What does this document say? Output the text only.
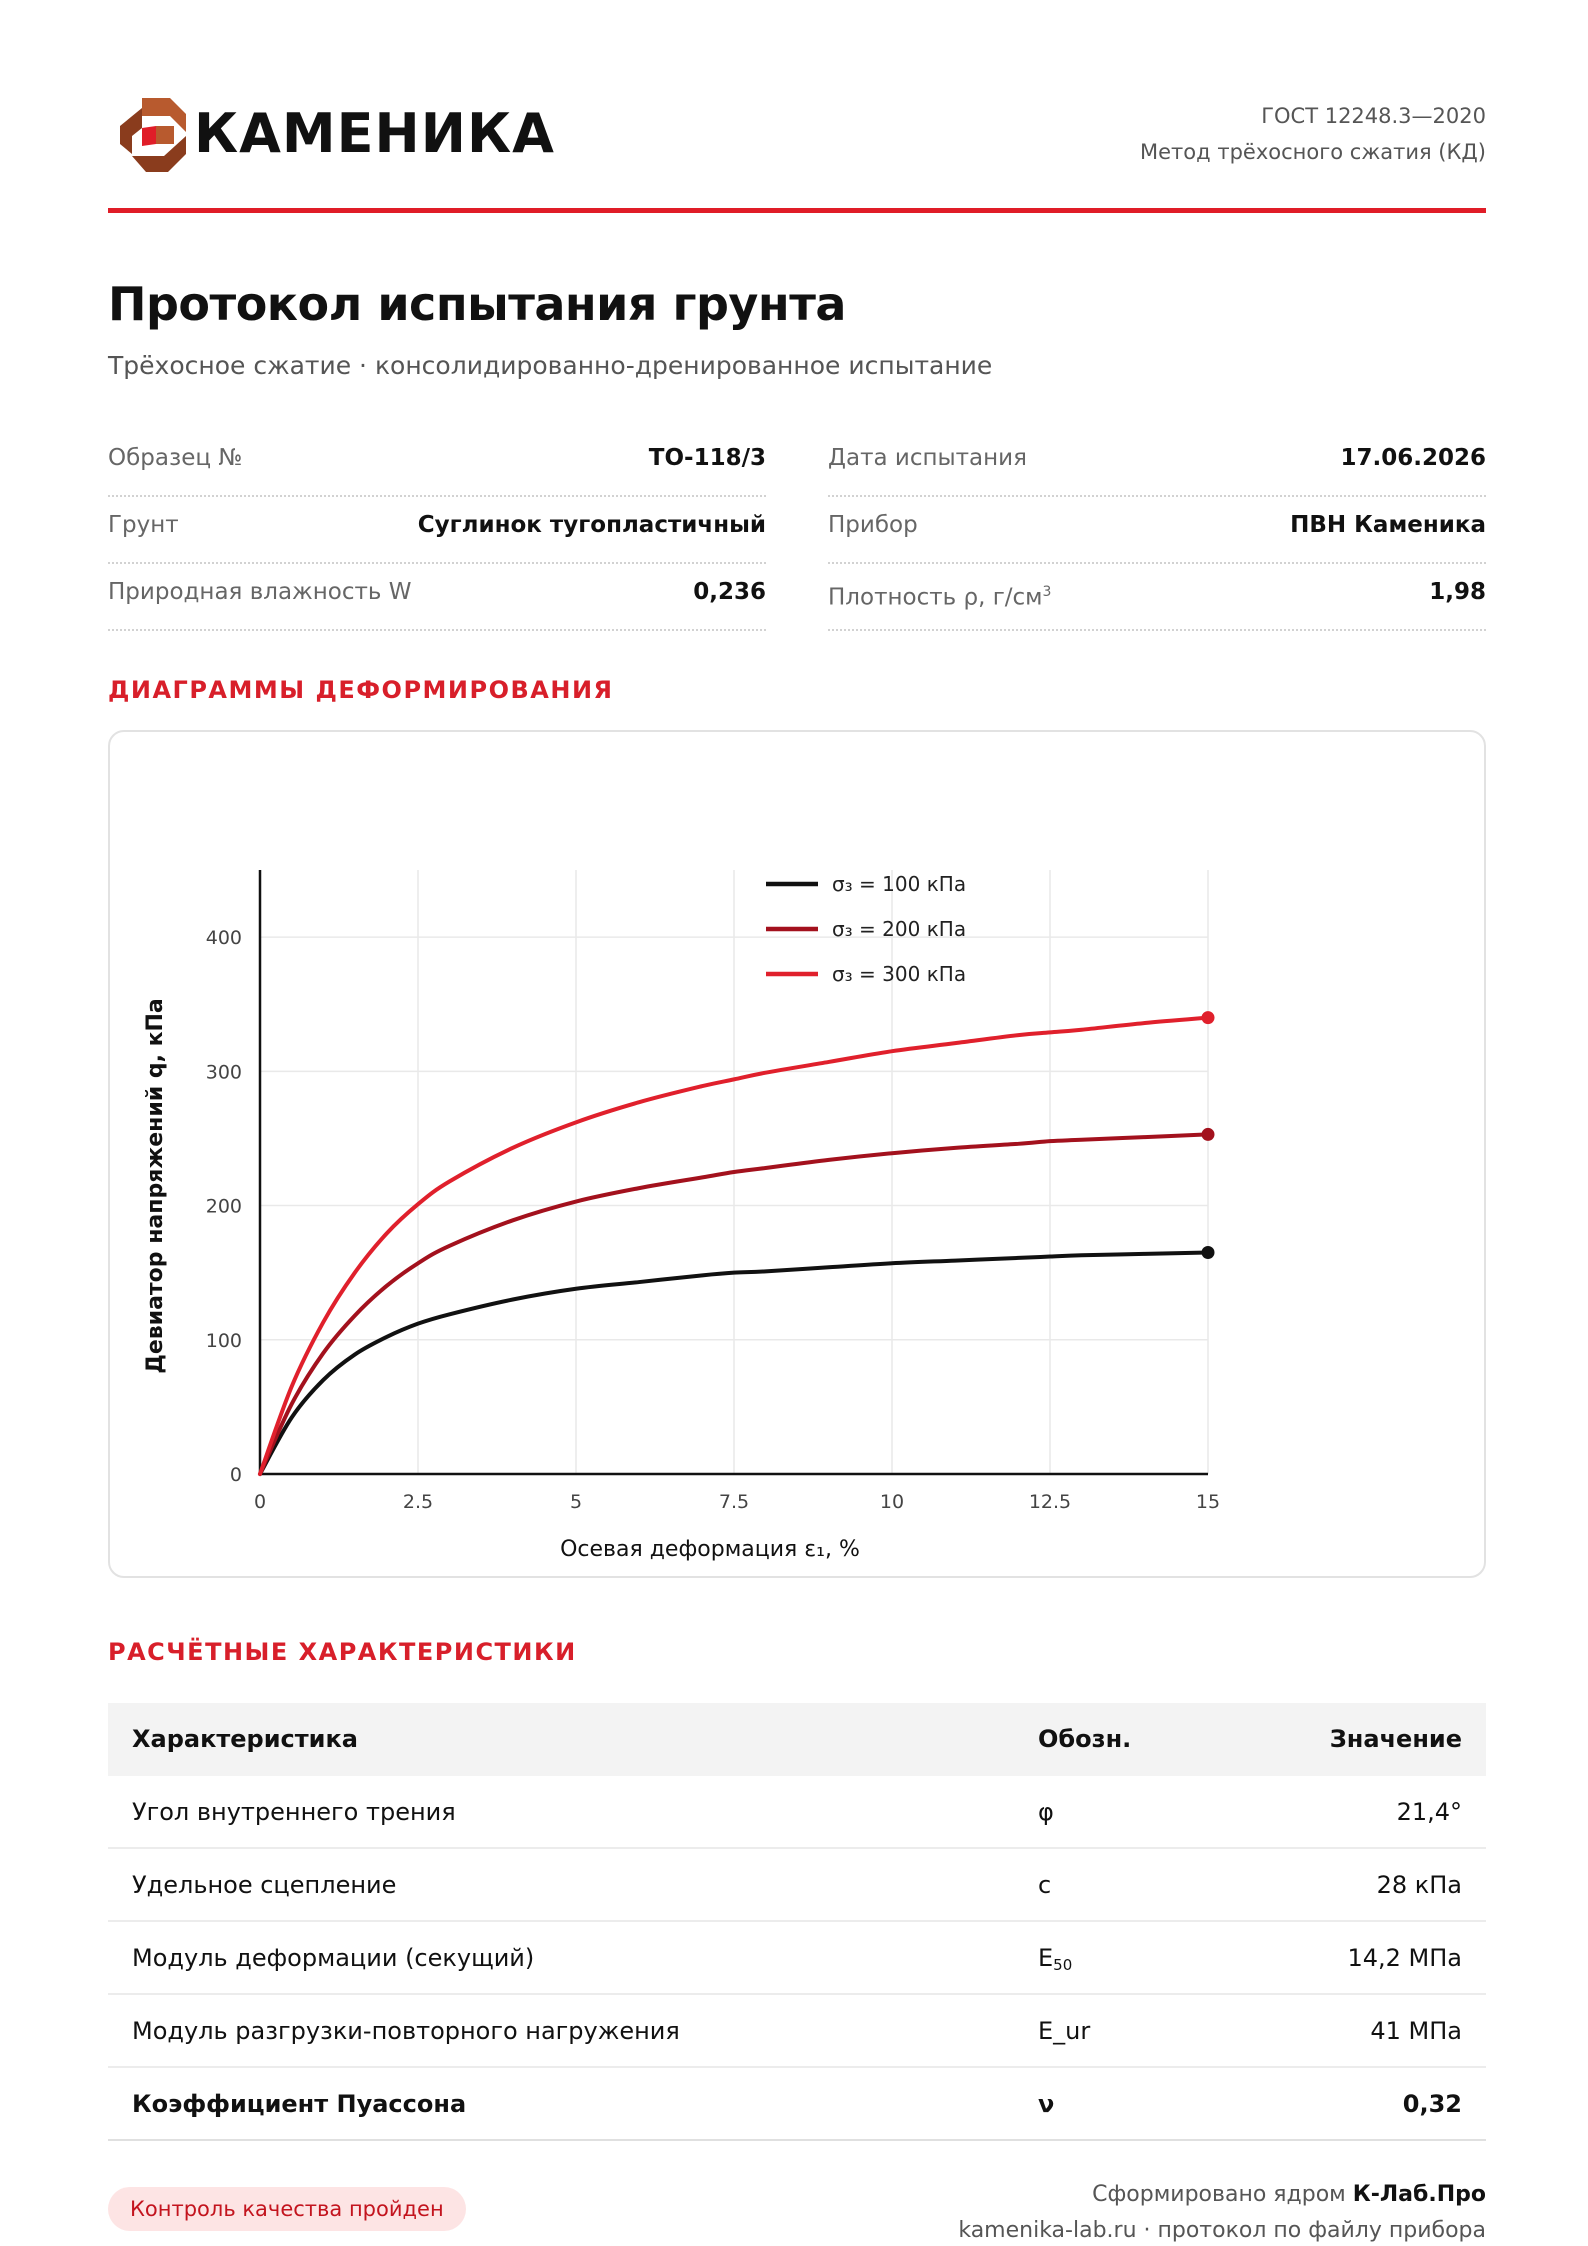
КАМЕНИКА	ГОСТ 12248.3—2020
Метод трёхосного сжатия (КД)
Протокол испытания грунта
Трёхосное сжатие · консолидированно-дренированное испытание
Образец №	ТО-118/3
Грунт	Суглинок тугопластичный
Природная влажность W	0,236
Дата испытания	17.06.2026
Прибор	ПВН Каменика
Плотность ρ, $г/см^3$	1,98
ДИАГРАММЫ ДЕФОРМИРОВАНИЯ
0	2.5	5	7.5	10	12.5	15
0
100
200
300
400
Осевая деформация ε₁, %
Девиатор напряжений q, кПа
σ₃ = 100 кПа
σ₃ = 200 кПа
σ₃ = 300 кПа
РАСЧЁТНЫЕ ХАРАКТЕРИСТИКИ
Характеристика	Обозн.	Значение
Угол внутреннего трения	φ	21,4°
Удельное сцепление	c	28 кПа
Модуль деформации (секущий)	$E_{50}$	14,2 МПа
Модуль разгрузки-повторного нагружения	E_ur	41 МПа
Коэффициент Пуассона	ν	0,32
Контроль качества пройден
Сформировано ядром К-Лаб.Про
kamenika-lab.ru · протокол по файлу прибора
